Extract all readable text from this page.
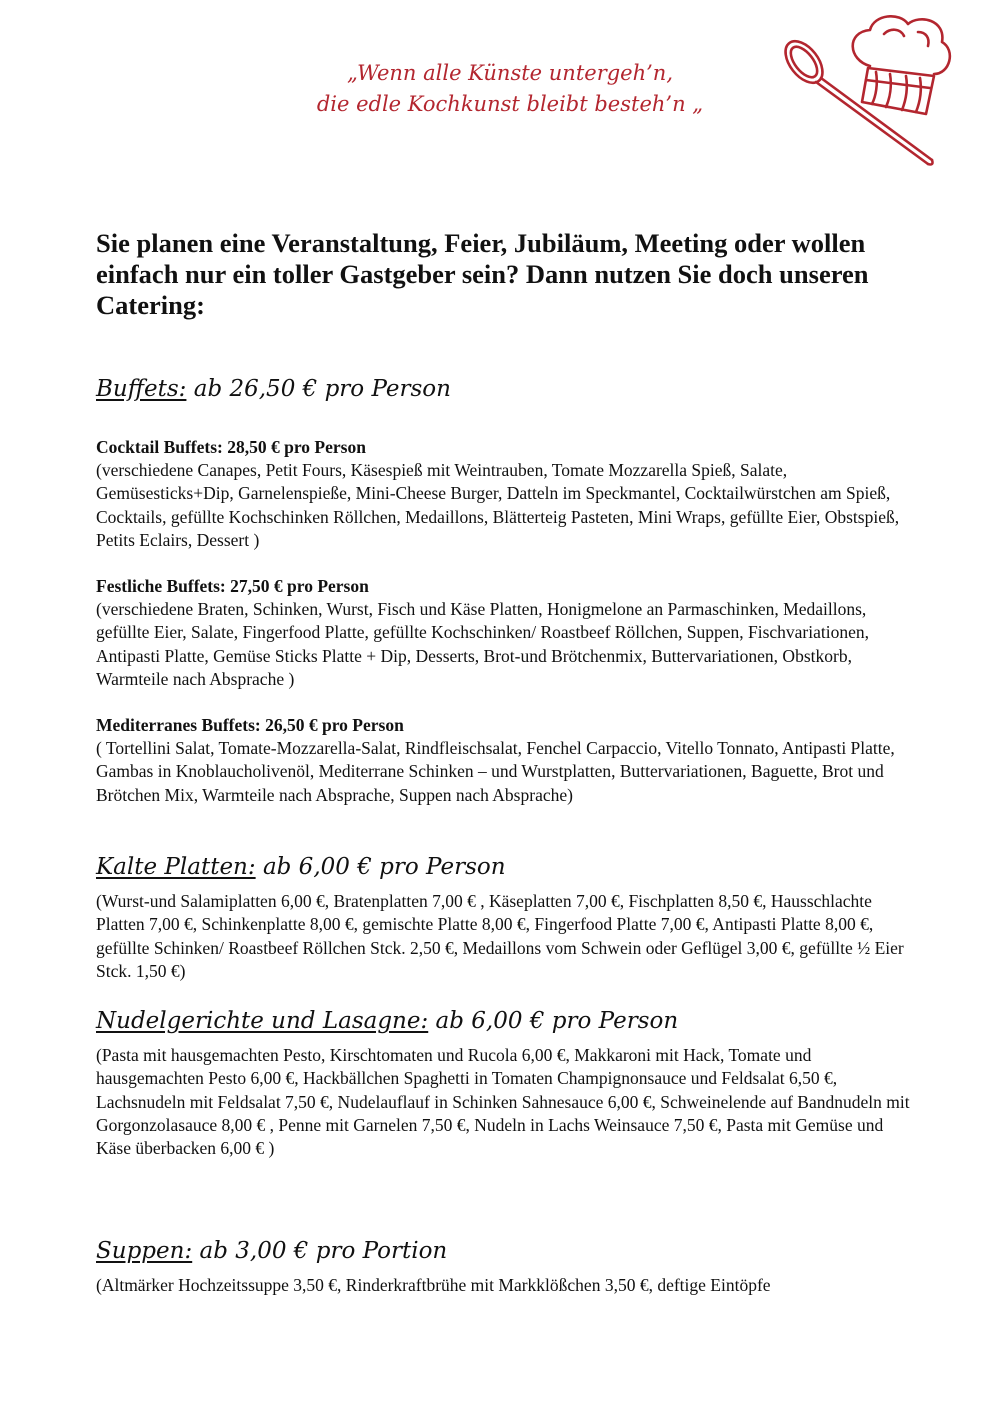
„Wenn alle Künste untergeh’n,
die edle Kochkunst bleibt besteh’n „

Sie planen eine Veranstaltung, Feier, Jubiläum, Meeting oder wollen einfach nur ein toller Gastgeber sein? Dann nutzen Sie doch unseren Catering:

Buffets: ab 26,50 € pro Person

Cocktail Buffets: 28,50 € pro Person

(verschiedene Canapes, Petit Fours, Käsespieß mit Weintrauben, Tomate Mozzarella Spieß, Salate, Gemüsesticks+Dip, Garnelenspieße, Mini-Cheese Burger, Datteln im Speckmantel, Cocktailwürstchen am Spieß, Cocktails, gefüllte Kochschinken Röllchen, Medaillons, Blätterteig Pasteten, Mini Wraps, gefüllte Eier, Obstspieß, Petits Eclairs, Dessert )

Festliche Buffets: 27,50 € pro Person

(verschiedene Braten, Schinken, Wurst, Fisch und Käse Platten, Honigmelone an Parmaschinken, Medaillons, gefüllte Eier, Salate, Fingerfood Platte, gefüllte Kochschinken/ Roastbeef Röllchen, Suppen, Fischvariationen, Antipasti Platte, Gemüse Sticks Platte + Dip, Desserts, Brot-und Brötchenmix, Buttervariationen, Obstkorb, Warmteile nach Absprache )

Mediterranes Buffets: 26,50 € pro Person

( Tortellini Salat, Tomate-Mozzarella-Salat, Rindfleischsalat, Fenchel Carpaccio, Vitello Tonnato, Antipasti Platte, Gambas in Knoblaucholivenöl, Mediterrane Schinken – und Wurstplatten, Buttervariationen, Baguette, Brot und Brötchen Mix, Warmteile nach Absprache, Suppen nach Absprache)

Kalte Platten: ab 6,00 € pro Person

(Wurst-und Salamiplatten 6,00 €, Bratenplatten 7,00 € , Käseplatten 7,00 €, Fischplatten 8,50 €, Hausschlachte Platten 7,00 €, Schinkenplatte 8,00 €, gemischte Platte 8,00 €, Fingerfood Platte 7,00 €, Antipasti Platte 8,00 €, gefüllte Schinken/ Roastbeef Röllchen Stck. 2,50 €, Medaillons vom Schwein oder Geflügel 3,00 €, gefüllte ½ Eier Stck. 1,50 €)

Nudelgerichte und Lasagne: ab 6,00 € pro Person

(Pasta mit hausgemachten Pesto, Kirschtomaten und Rucola 6,00 €, Makkaroni mit Hack, Tomate und hausgemachten Pesto 6,00 €, Hackbällchen Spaghetti in Tomaten Champignonsauce und Feldsalat 6,50 €, Lachsnudeln mit Feldsalat 7,50 €, Nudelauflauf in Schinken Sahnesauce 6,00 €, Schweinelende auf Bandnudeln mit Gorgonzolasauce 8,00 € , Penne mit Garnelen 7,50 €, Nudeln in Lachs Weinsauce 7,50 €, Pasta mit Gemüse und Käse überbacken 6,00 € )

Suppen: ab 3,00 € pro Portion

(Altmärker Hochzeitssuppe 3,50 €, Rinderkraftbrühe mit Markklößchen 3,50 €, deftige Eintöpfe
